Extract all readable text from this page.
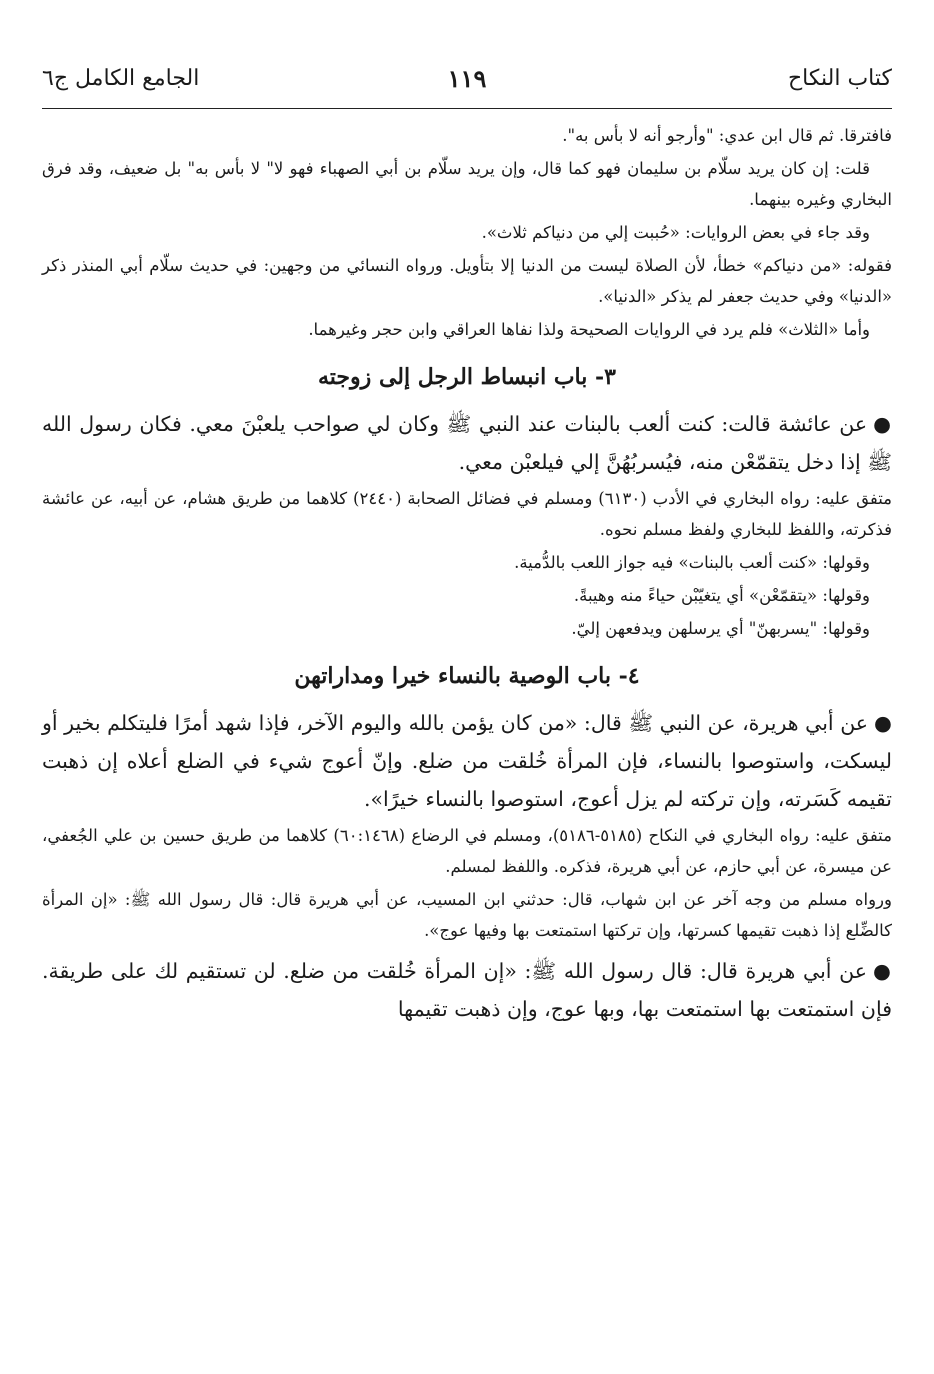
كتاب النكاح
١١٩
الجامع الكامل ج٦

فافترقا. ثم قال ابن عدي: "وأرجو أنه لا بأس به".

قلت: إن كان يريد سلّام بن سليمان فهو كما قال، وإن يريد سلّام بن أبي الصهباء فهو لا" لا بأس به" بل ضعيف، وقد فرق البخاري وغيره بينهما.

وقد جاء في بعض الروايات: «حُببت إلي من دنياكم ثلاث».

فقوله: «من دنياكم» خطأ، لأن الصلاة ليست من الدنيا إلا بتأويل. ورواه النسائي من وجهين: في حديث سلّام أبي المنذر ذكر «الدنيا» وفي حديث جعفر لم يذكر «الدنيا».

وأما «الثلاث» فلم يرد في الروايات الصحيحة ولذا نفاها العراقي وابن حجر وغيرهما.

٣- باب انبساط الرجل إلى زوجته

●عن عائشة قالت: كنت ألعب بالبنات عند النبي ﷺ وكان لي صواحب يلعبْنَ معي. فكان رسول الله ﷺ إذا دخل يتقمّعْن منه، فيُسربُهُنَّ إلي فيلعبْن معي.

متفق عليه: رواه البخاري في الأدب (٦١٣٠) ومسلم في فضائل الصحابة (٢٤٤٠) كلاهما من طريق هشام، عن أبيه، عن عائشة فذكرته، واللفظ للبخاري ولفظ مسلم نحوه.

وقولها: «كنت ألعب بالبنات» فيه جواز اللعب بالدُّمية.

وقولها: «يتقمّعْن» أي يتغيّبْن حياءً منه وهيبةً.

وقولها: "يسربهنّ" أي يرسلهن ويدفعهن إليّ.

٤- باب الوصية بالنساء خيرا ومداراتهن

●عن أبي هريرة، عن النبي ﷺ قال: «من كان يؤمن بالله واليوم الآخر، فإذا شهد أمرًا فليتكلم بخير أو ليسكت، واستوصوا بالنساء، فإن المرأة خُلقت من ضلع. وإنّ أعوج شيء في الضلع أعلاه إن ذهبت تقيمه كَسَرته، وإن تركته لم يزل أعوج، استوصوا بالنساء خيرًا».

متفق عليه: رواه البخاري في النكاح (٥١٨٥-٥١٨٦)، ومسلم في الرضاع (٦٠:١٤٦٨) كلاهما من طريق حسين بن علي الجُعفي، عن ميسرة، عن أبي حازم، عن أبي هريرة، فذكره. واللفظ لمسلم.

ورواه مسلم من وجه آخر عن ابن شهاب، قال: حدثني ابن المسيب، عن أبي هريرة قال: قال رسول الله ﷺ: «إن المرأة كالضِّلع إذا ذهبت تقيمها كسرتها، وإن تركتها استمتعت بها وفيها عوج».

●عن أبي هريرة قال: قال رسول الله ﷺ: «إن المرأة خُلقت من ضلع. لن تستقيم لك على طريقة. فإن استمتعت بها استمتعت بها، وبها عوج، وإن ذهبت تقيمها
